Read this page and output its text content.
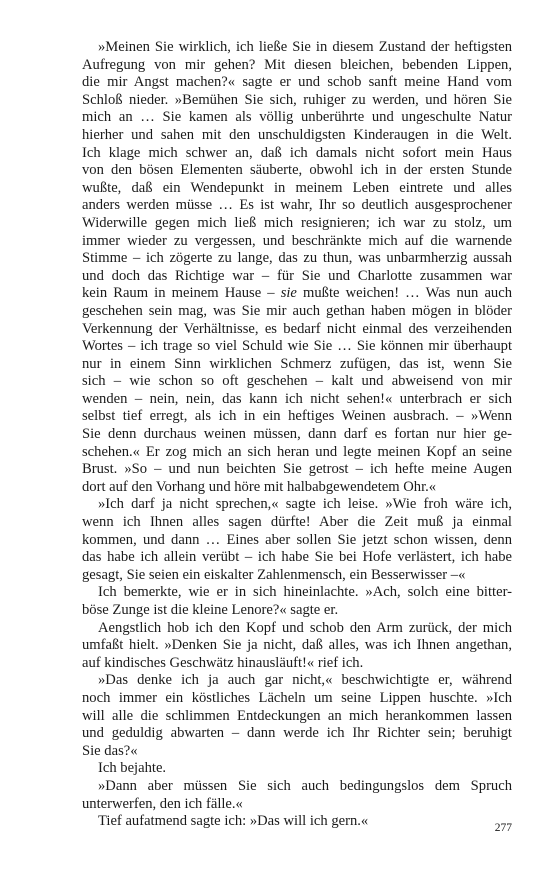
»Meinen Sie wirklich, ich ließe Sie in diesem Zustand der heftigsten
Aufregung von mir gehen? Mit diesen bleichen, bebenden Lippen,
die mir Angst machen?« sagte er und schob sanft meine Hand vom
Schloß nieder. »Bemühen Sie sich, ruhiger zu werden, und hören Sie
mich an … Sie kamen als völlig unberührte und ungeschulte Natur
hierher und sahen mit den unschuldigsten Kinderaugen in die Welt.
Ich klage mich schwer an, daß ich damals nicht sofort mein Haus
von den bösen Elementen säuberte, obwohl ich in der ersten Stunde
wußte, daß ein Wendepunkt in meinem Leben eintrete und alles
anders werden müsse … Es ist wahr, Ihr so deutlich ausgesprochener
Widerwille gegen mich ließ mich resignieren; ich war zu stolz, um
immer wieder zu vergessen, und beschränkte mich auf die warnende
Stimme – ich zögerte zu lange, das zu thun, was unbarmherzig aussah
und doch das Richtige war – für Sie und Charlotte zusammen war
kein Raum in meinem Hause – sie mußte weichen! … Was nun auch
geschehen sein mag, was Sie mir auch gethan haben mögen in blöder
Verkennung der Verhältnisse, es bedarf nicht einmal des verzeihenden
Wortes – ich trage so viel Schuld wie Sie … Sie können mir überhaupt
nur in einem Sinn wirklichen Schmerz zufügen, das ist, wenn Sie
sich – wie schon so oft geschehen – kalt und abweisend von mir
wenden – nein, nein, das kann ich nicht sehen!« unterbrach er sich
selbst tief erregt, als ich in ein heftiges Weinen ausbrach. – »Wenn
Sie denn durchaus weinen müssen, dann darf es fortan nur hier ge-
schehen.« Er zog mich an sich heran und legte meinen Kopf an seine
Brust. »So – und nun beichten Sie getrost – ich hefte meine Augen
dort auf den Vorhang und höre mit halbabgewendetem Ohr.«
»Ich darf ja nicht sprechen,« sagte ich leise. »Wie froh wäre ich,
wenn ich Ihnen alles sagen dürfte! Aber die Zeit muß ja einmal
kommen, und dann … Eines aber sollen Sie jetzt schon wissen, denn
das habe ich allein verübt – ich habe Sie bei Hofe verlästert, ich habe
gesagt, Sie seien ein eiskalter Zahlenmensch, ein Besserwisser –«
Ich bemerkte, wie er in sich hineinlachte. »Ach, solch eine bitter-
böse Zunge ist die kleine Lenore?« sagte er.
Aengstlich hob ich den Kopf und schob den Arm zurück, der mich
umfaßt hielt. »Denken Sie ja nicht, daß alles, was ich Ihnen angethan,
auf kindisches Geschwätz hinausläuft!« rief ich.
»Das denke ich ja auch gar nicht,« beschwichtigte er, während
noch immer ein köstliches Lächeln um seine Lippen huschte. »Ich
will alle die schlimmen Entdeckungen an mich herankommen lassen
und geduldig abwarten – dann werde ich Ihr Richter sein; beruhigt
Sie das?«
Ich bejahte.
»Dann aber müssen Sie sich auch bedingungslos dem Spruch
unterwerfen, den ich fälle.«
Tief aufatmend sagte ich: »Das will ich gern.«	277
